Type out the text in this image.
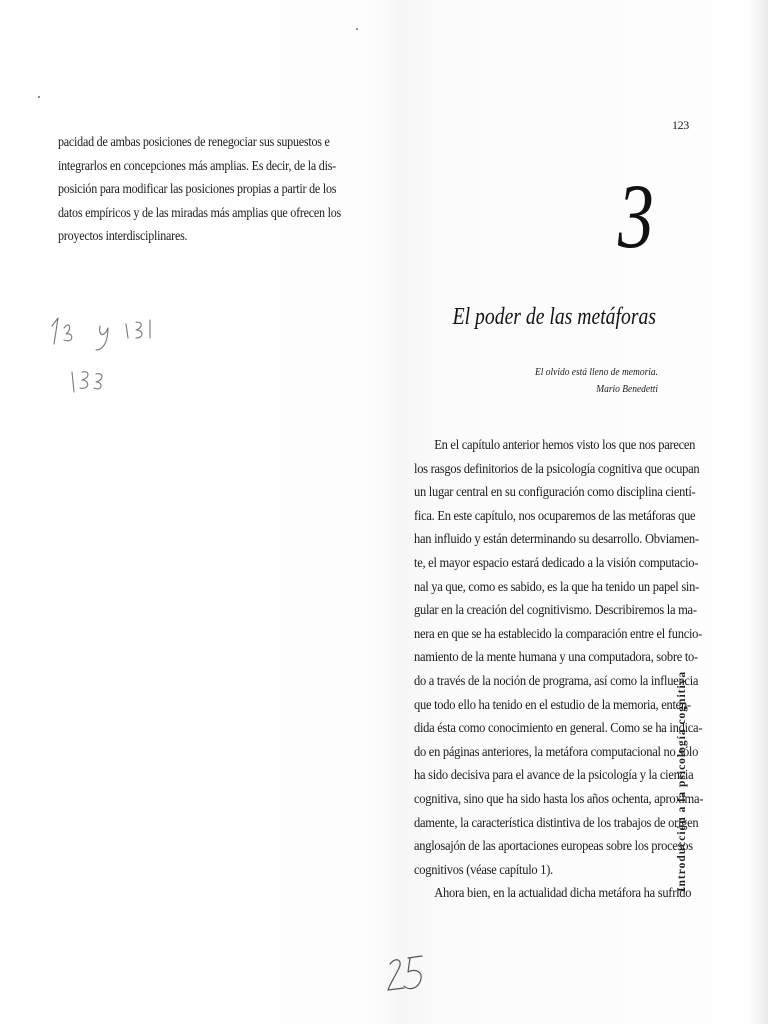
pacidad de ambas posiciones de renegociar sus supuestos e
integrarlos en concepciones más amplias. Es decir, de la dis-
posición para modificar las posiciones propias a partir de los
datos empíricos y de las miradas más amplias que ofrecen los
proyectos interdisciplinares.
13 y 131
123
3
El poder de las metáforas
El olvido está lleno de memoria.
Mario Benedetti
En el capítulo anterior hemos visto los que nos parecen
los rasgos definitorios de la psicología cognitiva que ocupan
un lugar central en su configuración como disciplina cientí-
fica. En este capítulo, nos ocuparemos de las metáforas que
han influido y están determinando su desarrollo. Obviamen-
te, el mayor espacio estará dedicado a la visión computacio-
nal ya que, como es sabido, es la que ha tenido un papel sin-
gular en la creación del cognitivismo. Describiremos la ma-
nera en que se ha establecido la comparación entre el funcio-
namiento de la mente humana y una computadora, sobre to-
do a través de la noción de programa, así como la influencia
que todo ello ha tenido en el estudio de la memoria, enten-
dida ésta como conocimiento en general. Como se ha indica-
do en páginas anteriores, la metáfora computacional no sólo
ha sido decisiva para el avance de la psicología y la ciencia
cognitiva, sino que ha sido hasta los años ochenta, aproxima-
damente, la característica distintiva de los trabajos de origen
anglosajón de las aportaciones europeas sobre los procesos
cognitivos (véase capítulo 1).
Ahora bien, en la actualidad dicha metáfora ha sufrido
Introducción a la psicología cognitiva
